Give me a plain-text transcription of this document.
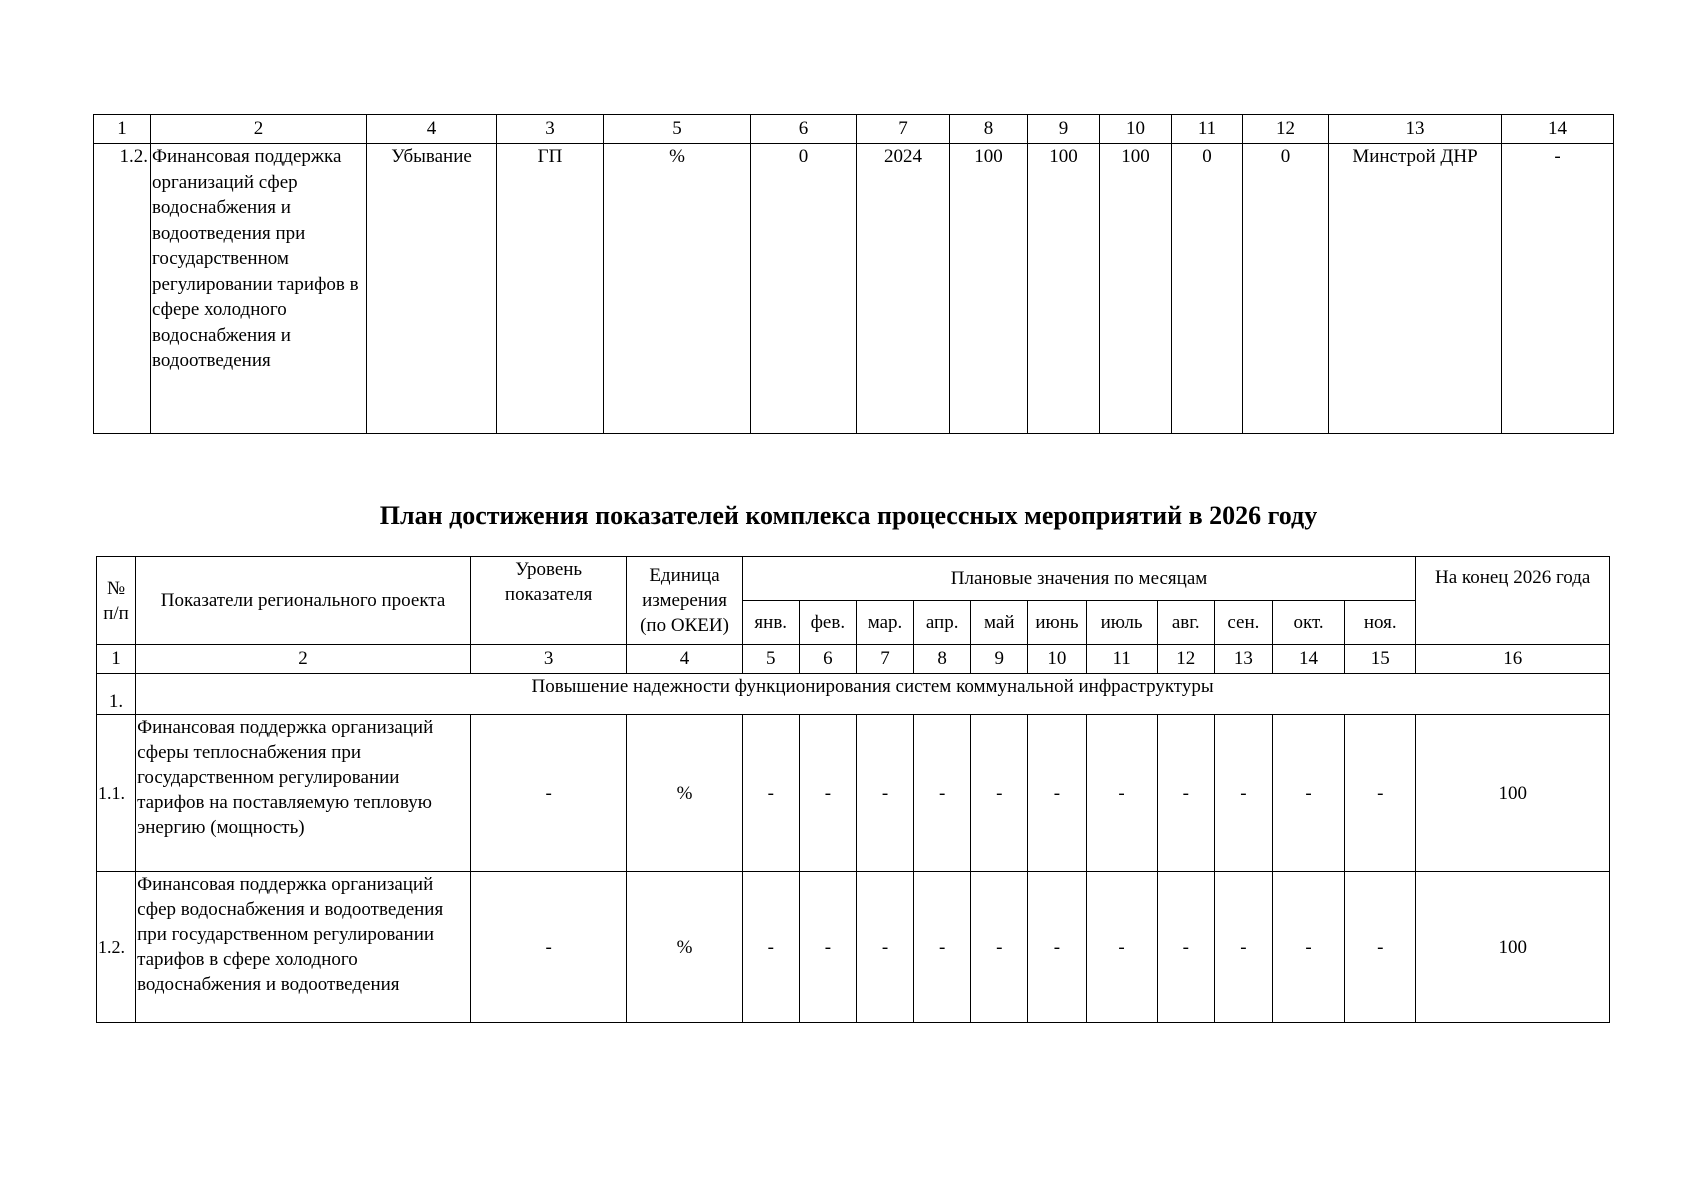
1	2	4	3	5	6	7	8	9	10	11	12	13	14
1.2.	Финансовая поддержка организаций сфер водоснабжения и водоотведения при государственном регулировании тарифов в сфере холодного водоснабжения и водоотведения	Убывание	ГП	%	0	2024	100	100	100	0	0	Минстрой ДНР	-
План достижения показателей комплекса процессных мероприятий в 2026 году
№ п/п	Показатели регионального проекта	Уровень показателя	Единица измерения (по ОКЕИ)	Плановые значения по месяцам											На конец 2026 года
				янв.	фев.	мар.	апр.	май	июнь	июль	авг.	сен.	окт.	ноя.	
1	2	3	4	5	6	7	8	9	10	11	12	13	14	15	16
1.	Повышение надежности функционирования систем коммунальной инфраструктуры														
1.1.	Финансовая поддержка организаций сферы теплоснабжения при государственном регулировании тарифов на поставляемую тепловую энергию (мощность)	-	%	-	-	-	-	-	-	-	-	-	-	-	100
1.2.	Финансовая поддержка организаций сфер водоснабжения и водоотведения при государственном регулировании тарифов в сфере холодного водоснабжения и водоотведения	-	%	-	-	-	-	-	-	-	-	-	-	-	100
